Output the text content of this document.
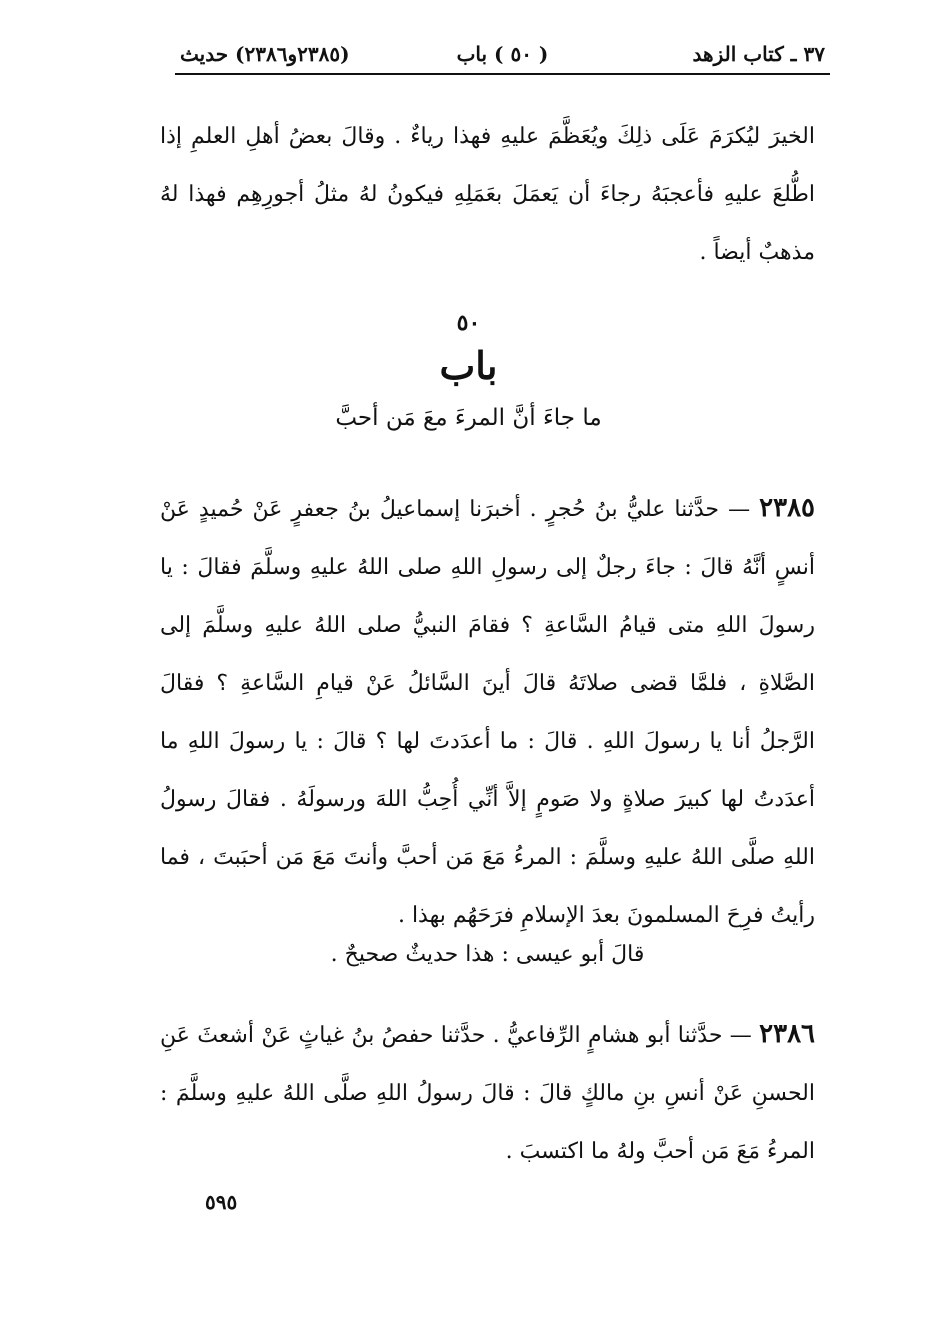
٣٧ ـ كتاب الزهد
( ٥٠ ) باب
(٢٣٨٥و٢٣٨٦) حديث
الخيرَ ليُكرَمَ عَلَى ذلِكَ ويُعَظَّمَ عليهِ فهذا رياءٌ . وقالَ بعضُ أهلِ العلمِ إذا اطُّلعَ عليهِ فأعجبَهُ رجاءَ أن يَعمَلَ بعَمَلِهِ فيكونُ لهُ مثلُ أجورِهِم فهذا لهُ مذهبٌ أيضاً .
٥٠
باب
ما جاءَ أنَّ المرءَ معَ مَن أحبَّ
٢٣٨٥ — حدَّثنا عليُّ بنُ حُجرٍ . أخبرَنا إسماعيلُ بنُ جعفرٍ عَنْ حُميدٍ عَنْ أنسٍ أنَّهُ قالَ : جاءَ رجلٌ إلى رسولِ اللهِ صلى اللهُ عليهِ وسلَّمَ فقالَ : يا رسولَ اللهِ متى قيامُ السَّاعةِ ؟ فقامَ النبيُّ صلى اللهُ عليهِ وسلَّمَ إلى الصَّلاةِ ، فلمَّا قضى صلاتَهُ قالَ أينَ السَّائلُ عَنْ قيامِ السَّاعةِ ؟ فقالَ الرَّجلُ أنا يا رسولَ اللهِ . قالَ : ما أعدَدتَ لها ؟ قالَ : يا رسولَ اللهِ ما أعدَدتُ لها كبيرَ صلاةٍ ولا صَومٍ إلاَّ أنِّي أُحِبُّ اللهَ ورسولَهُ . فقالَ رسولُ اللهِ صلَّى اللهُ عليهِ وسلَّمَ : المرءُ مَعَ مَن أحبَّ وأنتَ مَعَ مَن أحبَبتَ ، فما رأيتُ فرِحَ المسلمونَ بعدَ الإسلامِ فرَحَهُم بهذا .
قالَ أبو عيسى : هذا حديثٌ صحيحٌ .
٢٣٨٦ — حدَّثنا أبو هشامٍ الرِّفاعيُّ . حدَّثنا حفصُ بنُ غياثٍ عَنْ أشعثَ عَنِ الحسنِ عَنْ أنسِ بنِ مالكٍ قالَ : قالَ رسولُ اللهِ صلَّى اللهُ عليهِ وسلَّمَ : المرءُ مَعَ مَن أحبَّ ولهُ ما اكتسبَ .
٥٩٥
